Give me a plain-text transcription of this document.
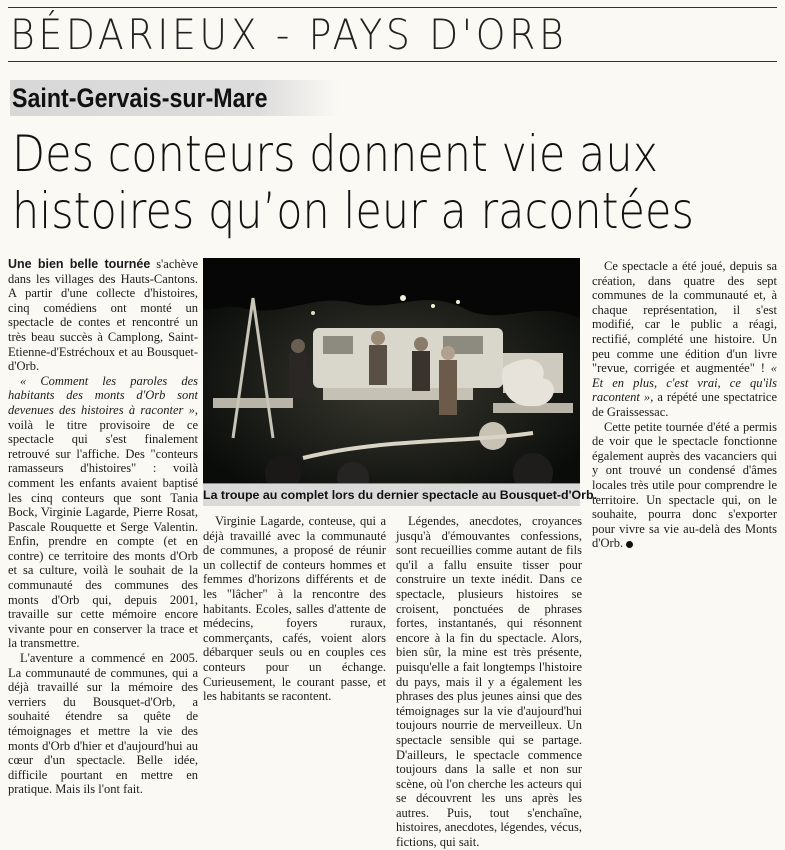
BÉDARIEUX - PAYS D'ORB
Saint-Gervais-sur-Mare
Des conteurs donnent vie aux
histoires qu’on leur a racontées
La troupe au complet lors du dernier spectacle au Bousquet-d'Orb.

Une bien belle tournée s'achève dans les villages des Hauts-Cantons. A partir d'une collecte d'histoires, cinq comédiens ont monté un spectacle de contes et rencontré un très beau succès à Camplong, Saint-Etienne-d'Estréchoux et au Bousquet-d'Orb.

« Comment les paroles des habitants des monts d'Orb sont devenues des histoires à raconter », voilà le titre provisoire de ce spectacle qui s'est finalement retrouvé sur l'affiche. Des "conteurs ramasseurs d'histoires" : voilà comment les enfants avaient baptisé les cinq conteurs que sont Tania Bock, Virginie Lagarde, Pierre Rosat, Pascale Rouquette et Serge Valentin. Enfin, prendre en compte (et en contre) ce territoire des monts d'Orb et sa culture, voilà le souhait de la communauté des communes des monts d'Orb qui, depuis 2001, travaille sur cette mémoire encore vivante pour en conserver la trace et la transmettre.

L'aventure a commencé en 2005. La communauté de communes, qui a déjà travaillé sur la mémoire des verriers du Bousquet-d'Orb, a souhaité étendre sa quête de témoignages et mettre la vie des monts d'Orb d'hier et d'aujourd'hui au cœur d'un spectacle. Belle idée, difficile pourtant en mettre en pratique. Mais ils l'ont fait.

Virginie Lagarde, conteuse, qui a déjà travaillé avec la communauté de communes, a proposé de réunir un collectif de conteurs hommes et femmes d'horizons différents et de les "lâcher" à la rencontre des habitants. Ecoles, salles d'attente de médecins, foyers ruraux, commerçants, cafés, voient alors débarquer seuls ou en couples ces conteurs pour un échange. Curieusement, le courant passe, et les habitants se racontent.

Légendes, anecdotes, croyances jusqu'à d'émouvantes confessions, sont recueillies comme autant de fils qu'il a fallu ensuite tisser pour construire un texte inédit. Dans ce spectacle, plusieurs histoires se croisent, ponctuées de phrases fortes, instantanés, qui résonnent encore à la fin du spectacle. Alors, bien sûr, la mine est très présente, puisqu'elle a fait longtemps l'histoire du pays, mais il y a également les phrases des plus jeunes ainsi que des témoignages sur la vie d'aujourd'hui toujours nourrie de merveilleux. Un spectacle sensible qui se partage. D'ailleurs, le spectacle commence toujours dans la salle et non sur scène, où l'on cherche les acteurs qui se découvrent les uns après les autres. Puis, tout s'enchaîne, histoires, anecdotes, légendes, vécus, fictions, qui sait.

Ce spectacle a été joué, depuis sa création, dans quatre des sept communes de la communauté et, à chaque représentation, il s'est modifié, car le public a réagi, rectifié, complété une histoire. Un peu comme une édition d'un livre "revue, corrigée et augmentée" ! « Et en plus, c'est vrai, ce qu'ils racontent », a répété une spectatrice de Graissessac.

Cette petite tournée d'été a permis de voir que le spectacle fonctionne également auprès des vacanciers qui y ont trouvé un condensé d'âmes locales très utile pour comprendre le territoire. Un spectacle qui, on le souhaite, pourra donc s'exporter pour vivre sa vie au-delà des Monts d'Orb.
